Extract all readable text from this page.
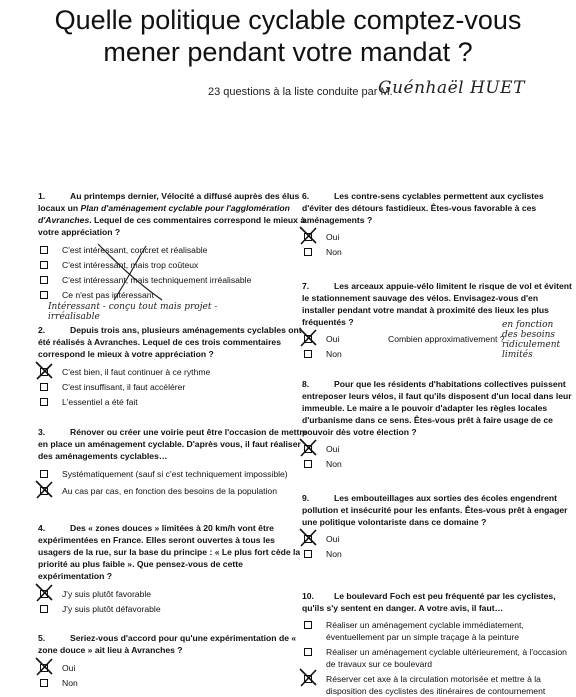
Quelle politique cyclable comptez-vous
mener pendant votre mandat ?
23 questions à la liste conduite par M.
Guénhaël HUET
1.	Au printemps dernier, Vélocité a diffusé auprès des élus locaux un Plan d'aménagement cyclable pour l'agglomération d'Avranches. Lequel de ces commentaires correspond le mieux à votre appréciation ?
C'est intéressant, concret et réalisable
C'est intéressant, mais trop coûteux
C'est intéressant, mais techniquement irréalisable
Ce n'est pas intéressant
Intéressant - conçu tout mais projet - irréalisable
2.	Depuis trois ans, plusieurs aménagements cyclables ont été réalisés à Avranches. Lequel de ces trois commentaires correspond le mieux à votre appréciation ?
C'est bien, il faut continuer à ce rythme
C'est insuffisant, il faut accélérer
L'essentiel a été fait
3.	Rénover ou créer une voirie peut être l'occasion de mettre en place un aménagement cyclable. D'après vous, il faut réaliser des aménagements cyclables…
Systématiquement (sauf si c'est techniquement impossible)
Au cas par cas, en fonction des besoins de la population
4.	Des « zones douces » limitées à 20 km/h vont être expérimentées en France. Elles seront ouvertes à tous les usagers de la rue, sur la base du principe : « Le plus fort cède la priorité au plus faible ». Que pensez-vous de cette expérimentation ?
J'y suis plutôt favorable
J'y suis plutôt défavorable
5.	Seriez-vous d'accord pour qu'une expérimentation de « zone douce » ait lieu à Avranches ?
Oui
Non
6.	Les contre-sens cyclables permettent aux cyclistes d'éviter des détours fastidieux. Êtes-vous favorable à ces aménagements ?
Oui
Non
7.	Les arceaux appuie-vélo limitent le risque de vol et évitent le stationnement sauvage des vélos. Envisagez-vous d'en installer pendant votre mandat à proximité des lieux les plus fréquentés ?
Oui	Combien approximativement ?
Non
en fonction des besoins ridiculement limités
8.	Pour que les résidents d'habitations collectives puissent entreposer leurs vélos, il faut qu'ils disposent d'un local dans leur immeuble. Le maire a le pouvoir d'adapter les règles locales d'urbanisme dans ce sens. Êtes-vous prêt à faire usage de ce pouvoir dès votre élection ?
Oui
Non
9.	Les embouteillages aux sorties des écoles engendrent pollution et insécurité pour les enfants. Êtes-vous prêt à engager une politique volontariste dans ce domaine ?
Oui
Non
10. Le boulevard Foch est peu fréquenté par les cyclistes, qu'ils s'y sentent en danger. A votre avis, il faut…
Réaliser un aménagement cyclable immédiatement, éventuellement par un simple traçage à la peinture
Réaliser un aménagement cyclable ultérieurement, à l'occasion de travaux sur ce boulevard
Réserver cet axe à la circulation motorisée et mettre à la disposition des cyclistes des itinéraires de contournement
